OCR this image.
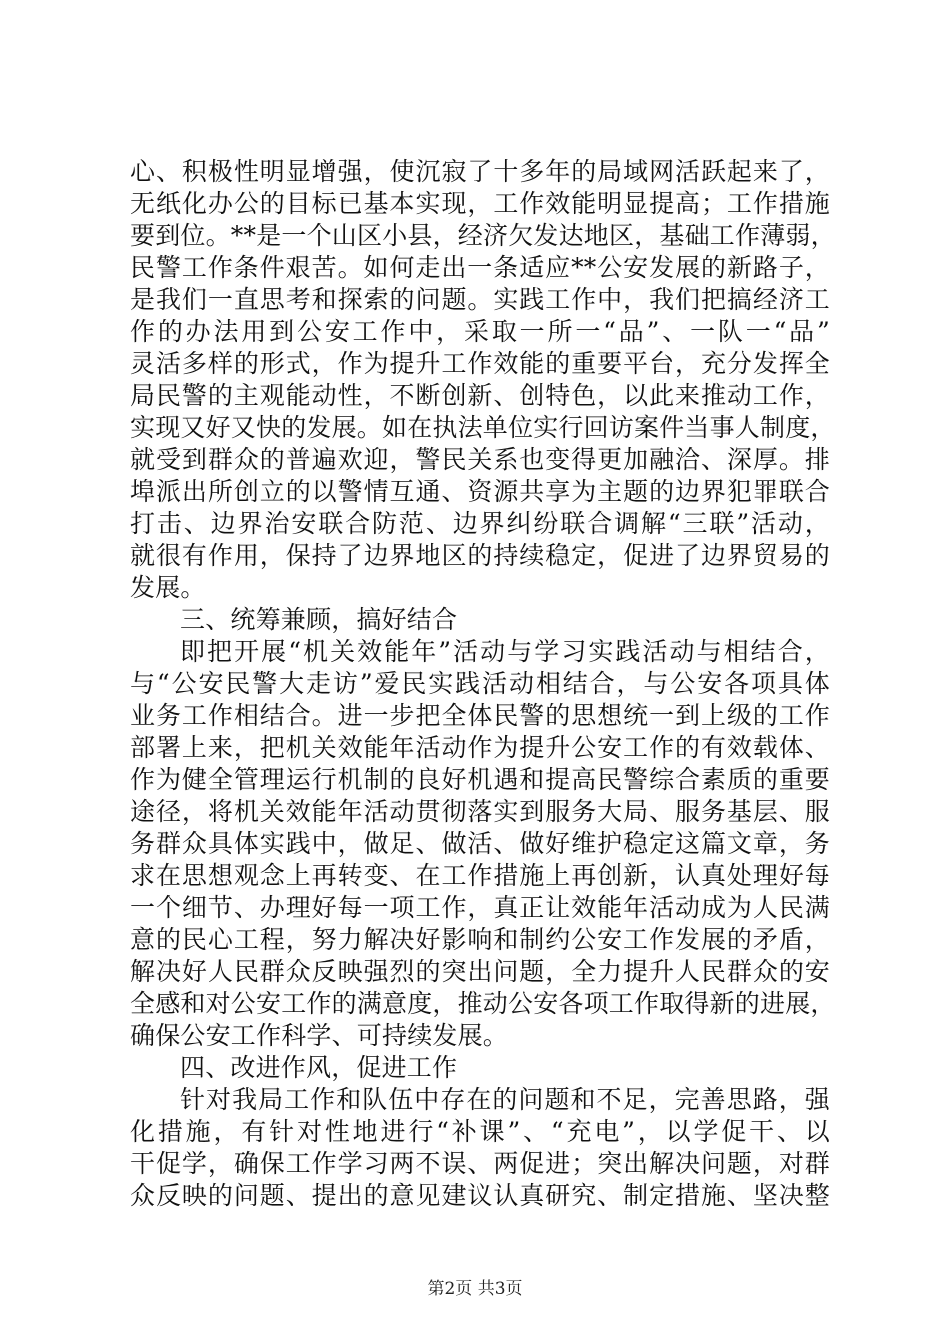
心、积极性明显增强，使沉寂了十多年的局域网活跃起来了，
无纸化办公的目标已基本实现，工作效能明显提高；工作措施
要到位。**是一个山区小县，经济欠发达地区，基础工作薄弱，
民警工作条件艰苦。如何走出一条适应**公安发展的新路子，
是我们一直思考和探索的问题。实践工作中，我们把搞经济工
作的办法用到公安工作中，采取一所一“品”、一队一“品”
灵活多样的形式，作为提升工作效能的重要平台，充分发挥全
局民警的主观能动性，不断创新、创特色，以此来推动工作，
实现又好又快的发展。如在执法单位实行回访案件当事人制度，
就受到群众的普遍欢迎，警民关系也变得更加融洽、深厚。排
埠派出所创立的以警情互通、资源共享为主题的边界犯罪联合
打击、边界治安联合防范、边界纠纷联合调解“三联”活动，
就很有作用，保持了边界地区的持续稳定，促进了边界贸易的
发展。
三、统筹兼顾，搞好结合
即把开展“机关效能年”活动与学习实践活动与相结合，
与“公安民警大走访”爱民实践活动相结合，与公安各项具体
业务工作相结合。进一步把全体民警的思想统一到上级的工作
部署上来，把机关效能年活动作为提升公安工作的有效载体、
作为健全管理运行机制的良好机遇和提高民警综合素质的重要
途径，将机关效能年活动贯彻落实到服务大局、服务基层、服
务群众具体实践中，做足、做活、做好维护稳定这篇文章，务
求在思想观念上再转变、在工作措施上再创新，认真处理好每
一个细节、办理好每一项工作，真正让效能年活动成为人民满
意的民心工程，努力解决好影响和制约公安工作发展的矛盾，
解决好人民群众反映强烈的突出问题，全力提升人民群众的安
全感和对公安工作的满意度，推动公安各项工作取得新的进展，
确保公安工作科学、可持续发展。
四、改进作风，促进工作
针对我局工作和队伍中存在的问题和不足，完善思路，强
化措施，有针对性地进行“补课”、“充电”，以学促干、以
干促学，确保工作学习两不误、两促进；突出解决问题，对群
众反映的问题、提出的意见建议认真研究、制定措施、坚决整
第2页 共3页
